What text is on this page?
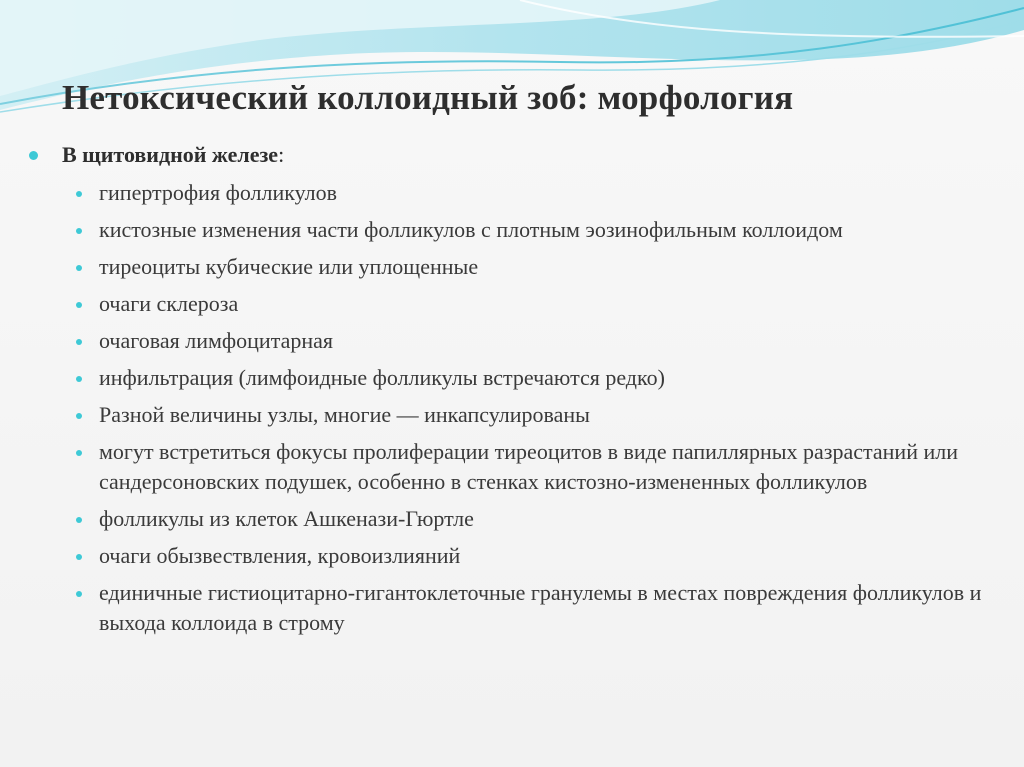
Нетоксический коллоидный зоб: морфология
В щитовидной железе:
гипертрофия фолликулов
кистозные изменения части фолликулов с плотным эозинофильным коллоидом
тиреоциты кубические или уплощенные
очаги склероза
очаговая лимфоцитарная
инфильтрация (лимфоидные фолликулы встречаются редко)
Разной величины узлы, многие — инкапсулированы
могут встретиться фокусы пролиферации тиреоцитов в виде папиллярных разрастаний или сандерсоновских подушек, особенно в стенках кистозно-измененных фолликулов
фолликулы из клеток Ашкенази-Гюртле
очаги обызвествления, кровоизлияний
единичные гистиоцитарно-гигантоклеточные гранулемы в местах повреждения фолликулов и выхода коллоида в строму
